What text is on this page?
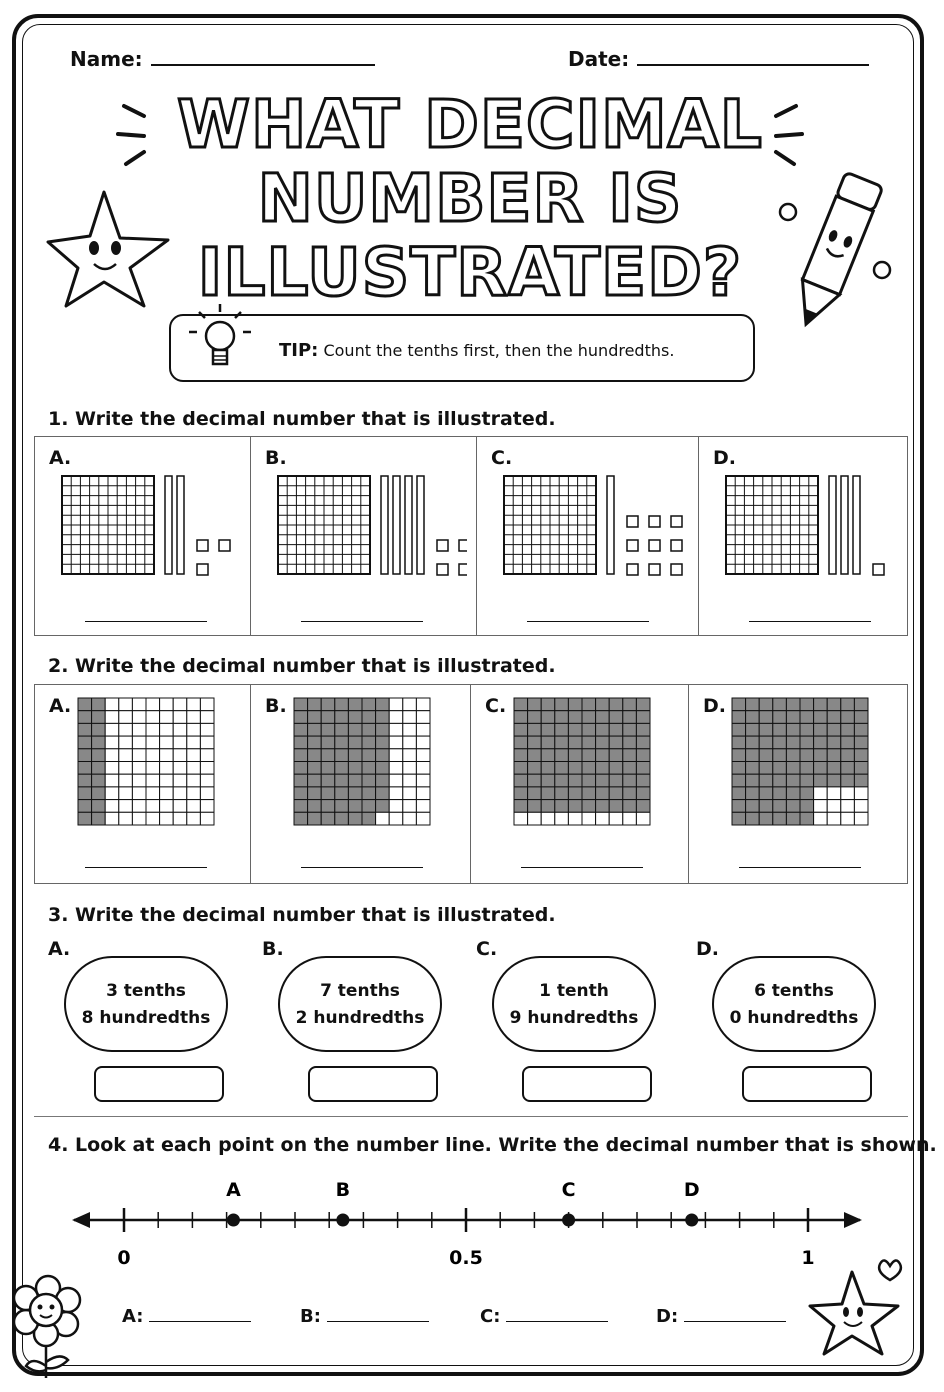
Name:	Date:
WHAT DECIMAL
NUMBER IS
ILLUSTRATED?
TIP: Count the tenths first, then the hundredths.
1. Write the decimal number that is illustrated.
A.	B.	C.	D.
2. Write the decimal number that is illustrated.
A.	B.	C.	D.
3. Write the decimal number that is illustrated.
A.
3 tenths
8 hundredths
B.
7 tenths
2 hundredths
C.
1 tenth
9 hundredths
D.
6 tenths
0 hundredths
4. Look at each point on the number line. Write the decimal number that is shown.
0	0.5	1
A	B	C	D
A:	B:	C:	D:
